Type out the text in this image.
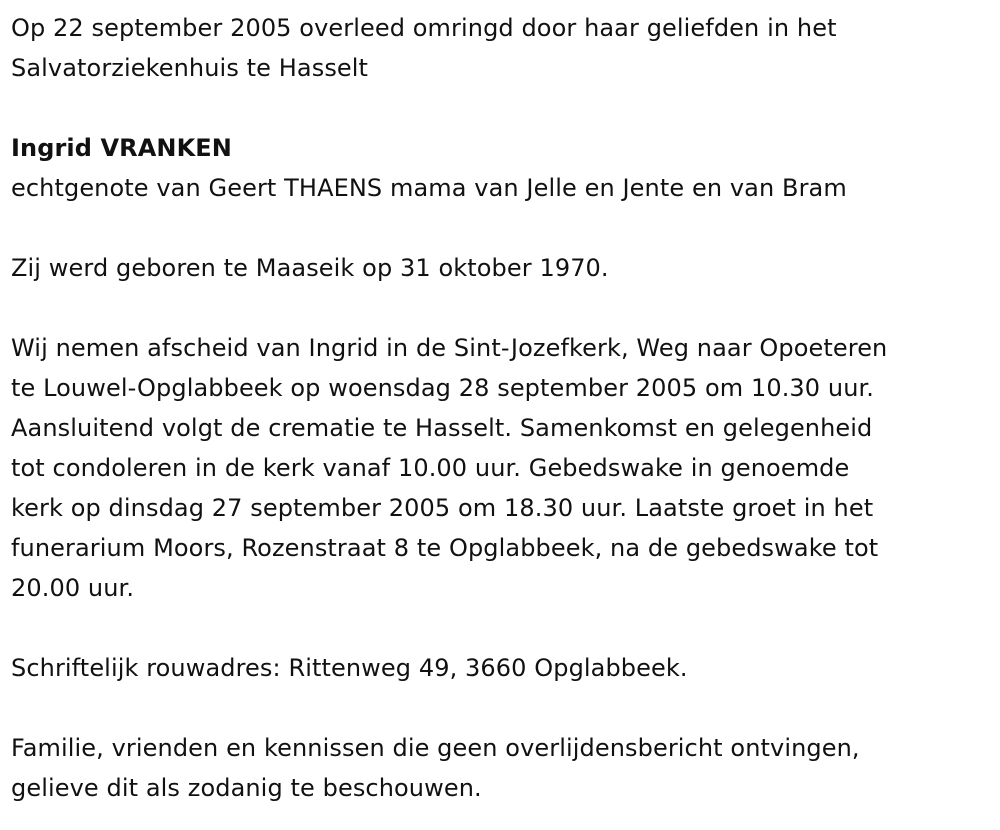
Op 22 september 2005 overleed omringd door haar geliefden in het
Salvatorziekenhuis te Hasselt

Ingrid VRANKEN

echtgenote van Geert THAENS mama van Jelle en Jente en van Bram

Zij werd geboren te Maaseik op 31 oktober 1970.

Wij nemen afscheid van Ingrid in de Sint-Jozefkerk, Weg naar Opoeteren
te Louwel-Opglabbeek op woensdag 28 september 2005 om 10.30 uur.
Aansluitend volgt de crematie te Hasselt. Samenkomst en gelegenheid
tot condoleren in de kerk vanaf 10.00 uur. Gebedswake in genoemde
kerk op dinsdag 27 september 2005 om 18.30 uur. Laatste groet in het
funerarium Moors, Rozenstraat 8 te Opglabbeek, na de gebedswake tot
20.00 uur.

Schriftelijk rouwadres: Rittenweg 49, 3660 Opglabbeek.

Familie, vrienden en kennissen die geen overlijdensbericht ontvingen,
gelieve dit als zodanig te beschouwen.
